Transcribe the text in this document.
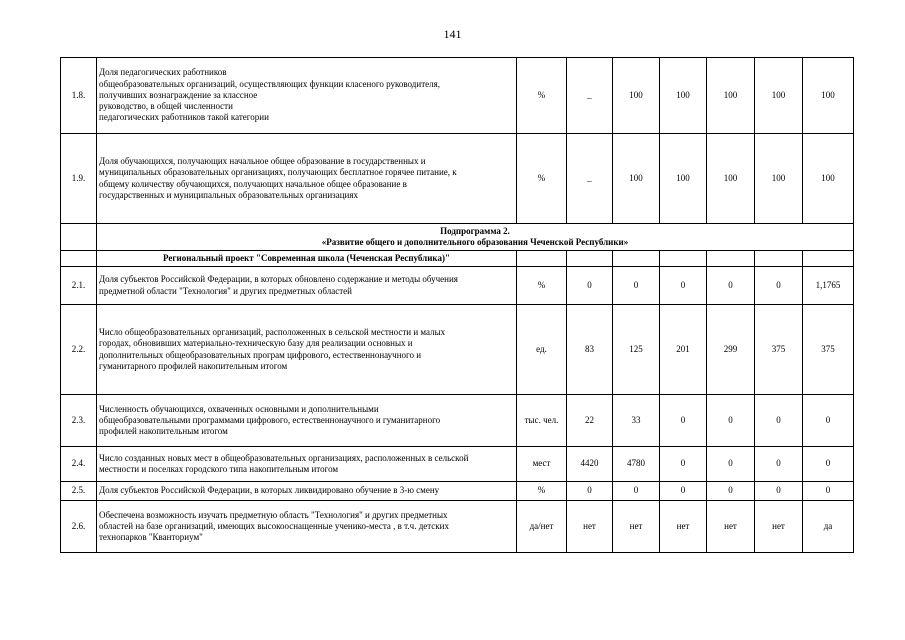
141
1.8.	Доля педагогических работников
общеобразовательных организаций, осуществляющих функции класеного руководителя,
получивших вознаграждение за классное
руководство, в общей численности
педагогических работников такой категории	%	_	100	100	100	100	100
1.9.	Доля обучающихся, получающих начальное общее образование в государственных и
муниципальных образовательных организациях, получающих бесплатное горячее питание, к
общему количеству обучающихся, получающих начальное общее образование в
государственных и муниципальных образовательных организациях	%	_	100	100	100	100	100

	Подпрограмма 2.
«Развитие общего и дополнительного образования Чеченской Республики»							

	Региональный проект "Современная школа (Чеченская Республика)"							
2.1.	Доля субъектов Российской Федерации, в которых обновлено содержание и методы обучения
предметной области "Технология" и других предметных областей	%	0	0	0	0	0	1,1765
2.2.	Число общеобразовательных организаций, расположенных в сельской местности и малых
городах, обновивших материально-техническую базу для реализации основных и
дополнительных общеобразовательных програм цифрового, естественнонаучного и
гуманитарного профилей накопительным итогом	ед.	83	125	201	299	375	375
2.3.	Численность обучающихся, охваченных основными и дополнительными
общеобразовательными программами цифрового, естественнонаучного и гуманитарного
профилей накопительным итогом	тыс. чел.	22	33	0	0	0	0
2.4.	Число созданных новых мест в общеобразовательных организациях, расположенных в сельской
местности и поселках городского типа накопительным итогом	мест	4420	4780	0	0	0	0
2.5.	Доля субъектов Российской Федерации, в которых ликвидировано обучение в 3-ю смену	%	0	0	0	0	0	0
2.6.	Обеспечена возможность изучать предметную область "Технология" и других предметных
областей на базе организаций, имеющих высокооснащенные ученико-места , в т.ч. детских
технопарков "Кванториум"	да/нет	нет	нет	нет	нет	нет	да
